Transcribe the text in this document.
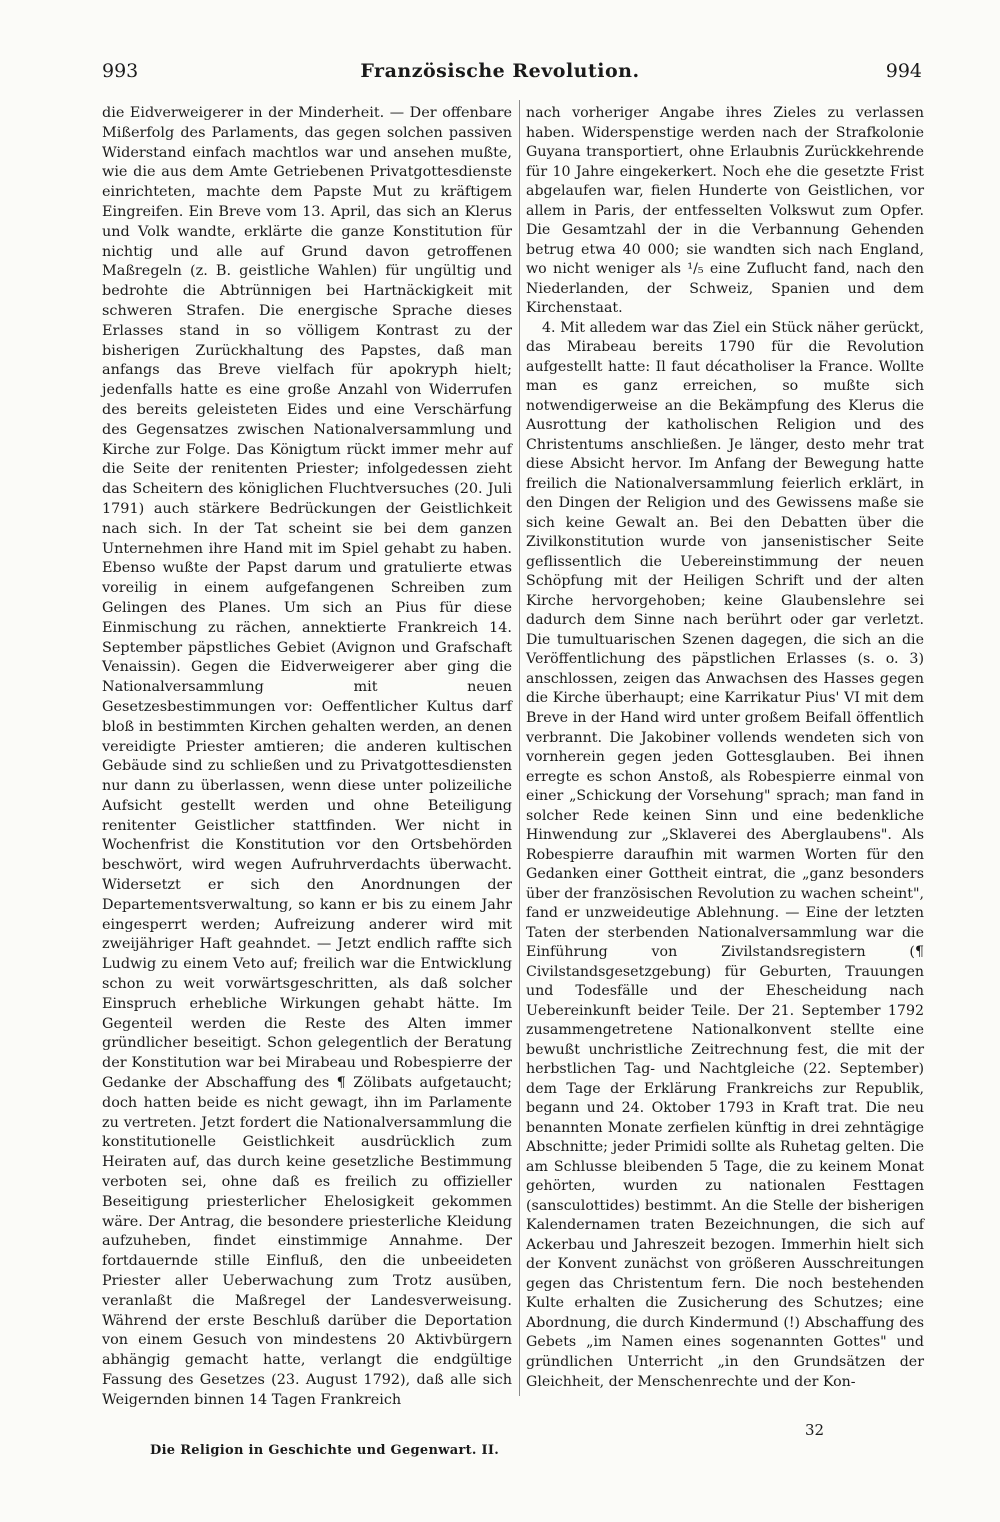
993	Französische Revolution.	994

die Eidverweigerer in der Minderheit. — Der offenbare Mißerfolg des Parlaments, das gegen solchen passiven Widerstand einfach machtlos war und ansehen mußte, wie die aus dem Amte Getriebenen Privatgottesdienste einrichteten, machte dem Papste Mut zu kräftigem Eingreifen. Ein Breve vom 13. April, das sich an Klerus und Volk wandte, erklärte die ganze Konstitution für nichtig und alle auf Grund davon getroffenen Maßregeln (z. B. geistliche Wahlen) für ungültig und bedrohte die Abtrünnigen bei Hartnäckigkeit mit schweren Strafen. Die energische Sprache dieses Erlasses stand in so völligem Kontrast zu der bisherigen Zurückhaltung des Papstes, daß man anfangs das Breve vielfach für apokryph hielt; jedenfalls hatte es eine große Anzahl von Widerrufen des bereits geleisteten Eides und eine Verschärfung des Gegensatzes zwischen Nationalversammlung und Kirche zur Folge. Das Königtum rückt immer mehr auf die Seite der renitenten Priester; infolgedessen zieht das Scheitern des königlichen Fluchtversuches (20. Juli 1791) auch stärkere Bedrückungen der Geistlichkeit nach sich. In der Tat scheint sie bei dem ganzen Unternehmen ihre Hand mit im Spiel gehabt zu haben. Ebenso wußte der Papst darum und gratulierte etwas voreilig in einem aufgefangenen Schreiben zum Gelingen des Planes. Um sich an Pius für diese Einmischung zu rächen, annektierte Frankreich 14. September päpstliches Gebiet (Avignon und Grafschaft Venaissin). Gegen die Eidverweigerer aber ging die Nationalversammlung mit neuen Gesetzesbestimmungen vor: Oeffentlicher Kultus darf bloß in bestimmten Kirchen gehalten werden, an denen vereidigte Priester amtieren; die anderen kultischen Gebäude sind zu schließen und zu Privatgottesdiensten nur dann zu überlassen, wenn diese unter polizeiliche Aufsicht gestellt werden und ohne Beteiligung renitenter Geistlicher stattfinden. Wer nicht in Wochenfrist die Konstitution vor den Ortsbehörden beschwört, wird wegen Aufruhrverdachts überwacht. Widersetzt er sich den Anordnungen der Departementsverwaltung, so kann er bis zu einem Jahr eingesperrt werden; Aufreizung anderer wird mit zweijähriger Haft geahndet. — Jetzt endlich raffte sich Ludwig zu einem Veto auf; freilich war die Entwicklung schon zu weit vorwärtsgeschritten, als daß solcher Einspruch erhebliche Wirkungen gehabt hätte. Im Gegenteil werden die Reste des Alten immer gründlicher beseitigt. Schon gelegentlich der Beratung der Konstitution war bei Mirabeau und Robespierre der Gedanke der Abschaffung des ¶ Zölibats aufgetaucht; doch hatten beide es nicht gewagt, ihn im Parlamente zu vertreten. Jetzt fordert die Nationalversammlung die konstitutionelle Geistlichkeit ausdrücklich zum Heiraten auf, das durch keine gesetzliche Bestimmung verboten sei, ohne daß es freilich zu offizieller Beseitigung priesterlicher Ehelosigkeit gekommen wäre. Der Antrag, die besondere priesterliche Kleidung aufzuheben, findet einstimmige Annahme. Der fortdauernde stille Einfluß, den die unbeeideten Priester aller Ueberwachung zum Trotz ausüben, veranlaßt die Maßregel der Landesverweisung. Während der erste Beschluß darüber die Deportation von einem Gesuch von mindestens 20 Aktivbürgern abhängig gemacht hatte, verlangt die endgültige Fassung des Gesetzes (23. August 1792), daß alle sich Weigernden binnen 14 Tagen Frankreich

nach vorheriger Angabe ihres Zieles zu verlassen haben. Widerspenstige werden nach der Strafkolonie Guyana transportiert, ohne Erlaubnis Zurückkehrende für 10 Jahre eingekerkert. Noch ehe die gesetzte Frist abgelaufen war, fielen Hunderte von Geistlichen, vor allem in Paris, der entfesselten Volkswut zum Opfer. Die Gesamtzahl der in die Verbannung Gehenden betrug etwa 40 000; sie wandten sich nach England, wo nicht weniger als ¹/₅ eine Zuflucht fand, nach den Niederlanden, der Schweiz, Spanien und dem Kirchenstaat.

4. Mit alledem war das Ziel ein Stück näher gerückt, das Mirabeau bereits 1790 für die Revolution aufgestellt hatte: Il faut décatholiser la France. Wollte man es ganz erreichen, so mußte sich notwendigerweise an die Bekämpfung des Klerus die Ausrottung der katholischen Religion und des Christentums anschließen. Je länger, desto mehr trat diese Absicht hervor. Im Anfang der Bewegung hatte freilich die Nationalversammlung feierlich erklärt, in den Dingen der Religion und des Gewissens maße sie sich keine Gewalt an. Bei den Debatten über die Zivilkonstitution wurde von jansenistischer Seite geflissentlich die Uebereinstimmung der neuen Schöpfung mit der Heiligen Schrift und der alten Kirche hervorgehoben; keine Glaubenslehre sei dadurch dem Sinne nach berührt oder gar verletzt. Die tumultuarischen Szenen dagegen, die sich an die Veröffentlichung des päpstlichen Erlasses (s. o. 3) anschlossen, zeigen das Anwachsen des Hasses gegen die Kirche überhaupt; eine Karrikatur Pius' VI mit dem Breve in der Hand wird unter großem Beifall öffentlich verbrannt. Die Jakobiner vollends wendeten sich von vornherein gegen jeden Gottesglauben. Bei ihnen erregte es schon Anstoß, als Robespierre einmal von einer „Schickung der Vorsehung" sprach; man fand in solcher Rede keinen Sinn und eine bedenkliche Hinwendung zur „Sklaverei des Aberglaubens". Als Robespierre daraufhin mit warmen Worten für den Gedanken einer Gottheit eintrat, die „ganz besonders über der französischen Revolution zu wachen scheint", fand er unzweideutige Ablehnung. — Eine der letzten Taten der sterbenden Nationalversammlung war die Einführung von Zivilstandsregistern (¶ Civilstandsgesetzgebung) für Geburten, Trauungen und Todesfälle und der Ehescheidung nach Uebereinkunft beider Teile. Der 21. September 1792 zusammengetretene Nationalkonvent stellte eine bewußt unchristliche Zeitrechnung fest, die mit der herbstlichen Tag- und Nachtgleiche (22. September) dem Tage der Erklärung Frankreichs zur Republik, begann und 24. Oktober 1793 in Kraft trat. Die neu benannten Monate zerfielen künftig in drei zehntägige Abschnitte; jeder Primidi sollte als Ruhetag gelten. Die am Schlusse bleibenden 5 Tage, die zu keinem Monat gehörten, wurden zu nationalen Festtagen (sansculottides) bestimmt. An die Stelle der bisherigen Kalendernamen traten Bezeichnungen, die sich auf Ackerbau und Jahreszeit bezogen. Immerhin hielt sich der Konvent zunächst von größeren Ausschreitungen gegen das Christentum fern. Die noch bestehenden Kulte erhalten die Zusicherung des Schutzes; eine Abordnung, die durch Kindermund (!) Abschaffung des Gebets „im Namen eines sogenannten Gottes" und gründlichen Unterricht „in den Grundsätzen der Gleichheit, der Menschenrechte und der Kon-

Die Religion in Geschichte und Gegenwart. II.
32
